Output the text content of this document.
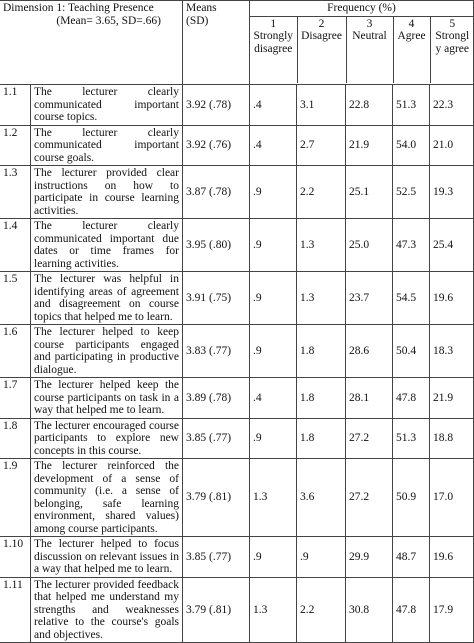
Dimension 1: Teaching Presence
(Mean= 3.65, SD=.66)

Means
(SD)

Frequency (%)
1
Strongly disagree

2
Disagree

3
Neutral

4
Agree

5
Strongly agree

1.1	The lecturer clearly communicated important course topics.	3.92 (.78)	.4	3.1	22.8	51.3	22.3
1.2	The lecturer clearly communicated important course goals.	3.92 (.76)	.4	2.7	21.9	54.0	21.0
1.3	The lecturer provided clear instructions on how to participate in course learning activities.	3.87 (.78)	.9	2.2	25.1	52.5	19.3
1.4	The lecturer clearly communicated important due dates or time frames for learning activities.	3.95 (.80)	.9	1.3	25.0	47.3	25.4
1.5	The lecturer was helpful in identifying areas of agreement and disagreement on course topics that helped me to learn.	3.91 (.75)	.9	1.3	23.7	54.5	19.6
1.6	The lecturer helped to keep course participants engaged and participating in productive dialogue.	3.83 (.77)	.9	1.8	28.6	50.4	18.3
1.7	The lecturer helped keep the course participants on task in a way that helped me to learn.	3.89 (.78)	.4	1.8	28.1	47.8	21.9
1.8	The lecturer encouraged course participants to explore new concepts in this course.	3.85 (.77)	.9	1.8	27.2	51.3	18.8
1.9	The lecturer reinforced the development of a sense of community (i.e. a sense of belonging, safe learning environment, shared values) among course participants.	3.79 (.81)	1.3	3.6	27.2	50.9	17.0
1.10	The lecturer helped to focus discussion on relevant issues in a way that helped me to learn.	3.85 (.77)	.9	.9	29.9	48.7	19.6
1.11	The lecturer provided feedback that helped me understand my strengths and weaknesses relative to the course's goals and objectives.	3.79 (.81)	1.3	2.2	30.8	47.8	17.9
